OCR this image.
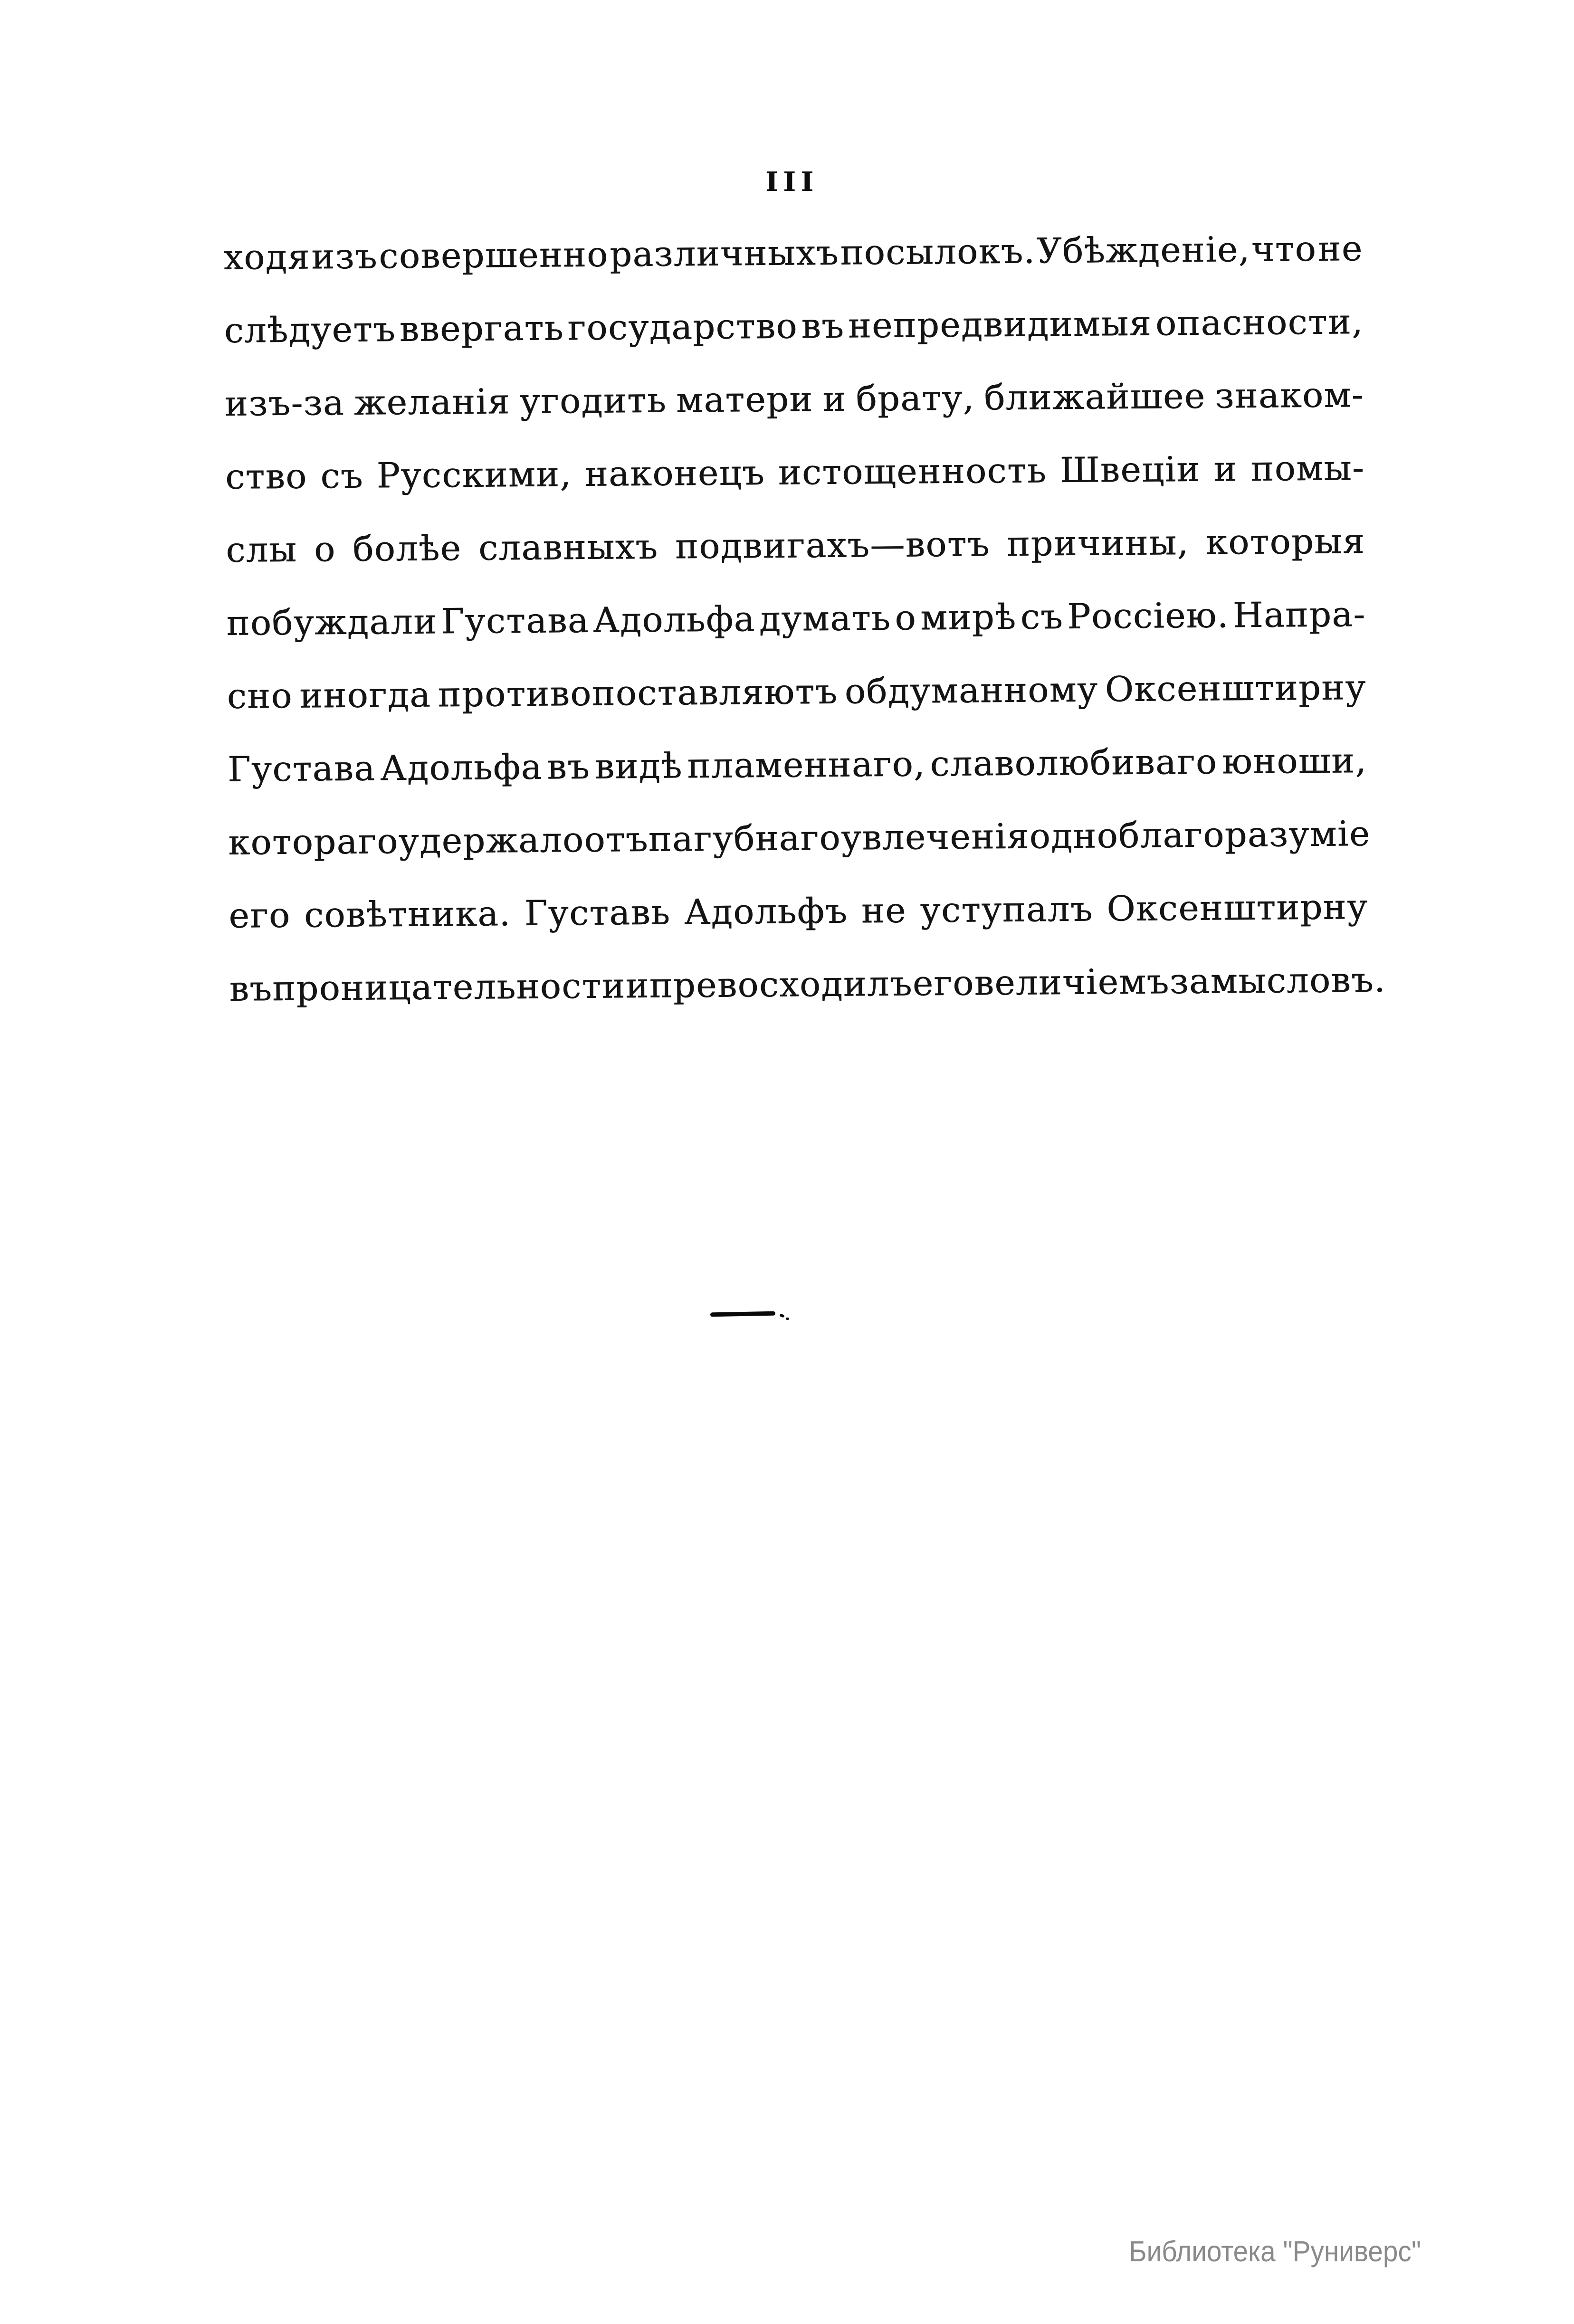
III
ходя изъ совершенно различныхъ посылокъ. Убѣжденіе, что не
слѣдуетъ ввергать государство въ непредвидимыя опасности,
изъ-за желанія угодить матери и брату, ближайшее знаком-
ство съ Русскими, наконецъ истощенность Швеціи и помы-
слы о болѣе славныхъ подвигахъ—вотъ причины, которыя
побуждали Густава Адольфа думать о мирѣ съ Россіею. Напра-
сно иногда противопоставляютъ обдуманному Оксенштирну
Густава Адольфа въ видѣ пламеннаго, славолюбиваго юноши,
котораго удержало отъ пагубнаго увлеченія одно благоразуміе
его совѣтника. Густавь Адольфъ не уступалъ Оксенштирну
въ проницательности и превосходилъ его величіемъ замысловъ.
Библиотека "Руниверс"
